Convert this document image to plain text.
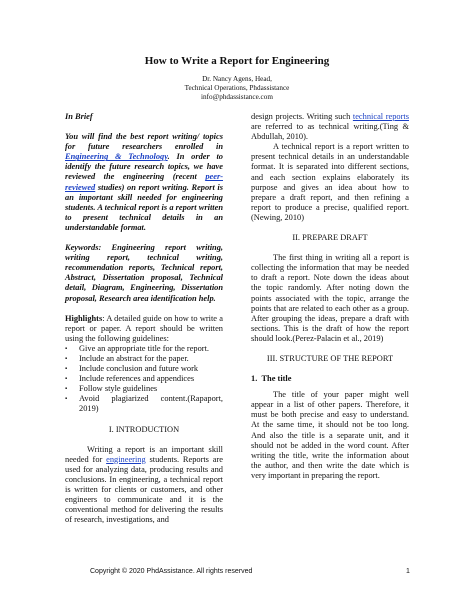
How to Write a Report for Engineering
Dr. Nancy Agens, Head,
Technical Operations, Phdassistance
info@phdassistance.com

In Brief

You will find the best report writing/ topics for future researchers enrolled in Engineering & Technology. In order to identify the future research topics, we have reviewed the engineering (recent peer-reviewed studies) on report writing. Report is an important skill needed for engineering students. A technical report is a report written to present technical details in an understandable format.

Keywords: Engineering report writing, writing report, technical writing, recommendation reports, Technical report, Abstract, Dissertation proposal, Technical detail, Diagram, Engineering, Dissertation proposal, Research area identification help.

Highlights: A detailed guide on how to write a report or paper. A report should be written using the following guidelines:

▪ Give an appropriate title for the report.
▪ Include an abstract for the paper.
▪ Include conclusion and future work
▪ Include references and appendices
▪ Follow style guidelines
▪ Avoid plagiarized content.(Rapaport, 2019)

I. INTRODUCTION

Writing a report is an important skill needed for engineering students. Reports are used for analyzing data, producing results and conclusions. In engineering, a technical report is written for clients or customers, and other engineers to communicate and it is the conventional method for delivering the results of research, investigations, and

design projects. Writing such technical reports are referred to as technical writing.(Ting & Abdullah, 2010).

A technical report is a report written to present technical details in an understandable format. It is separated into different sections, and each section explains elaborately its purpose and gives an idea about how to prepare a draft report, and then refining a report to produce a precise, qualified report.(Newing, 2010)

II. PREPARE DRAFT

The first thing in writing all a report is collecting the information that may be needed to draft a report. Note down the ideas about the topic randomly. After noting down the points associated with the topic, arrange the points that are related to each other as a group. After grouping the ideas, prepare a draft with sections. This is the draft of how the report should look.(Perez-Palacin et al., 2019)

III. STRUCTURE OF THE REPORT

1. The title

The title of your paper might well appear in a list of other papers. Therefore, it must be both precise and easy to understand. At the same time, it should not be too long. And also the title is a separate unit, and it should not be added in the word count. After writing the title, write the information about the author, and then write the date which is very important in preparing the report.

Copyright © 2020 PhdAssistance. All rights reserved	1
